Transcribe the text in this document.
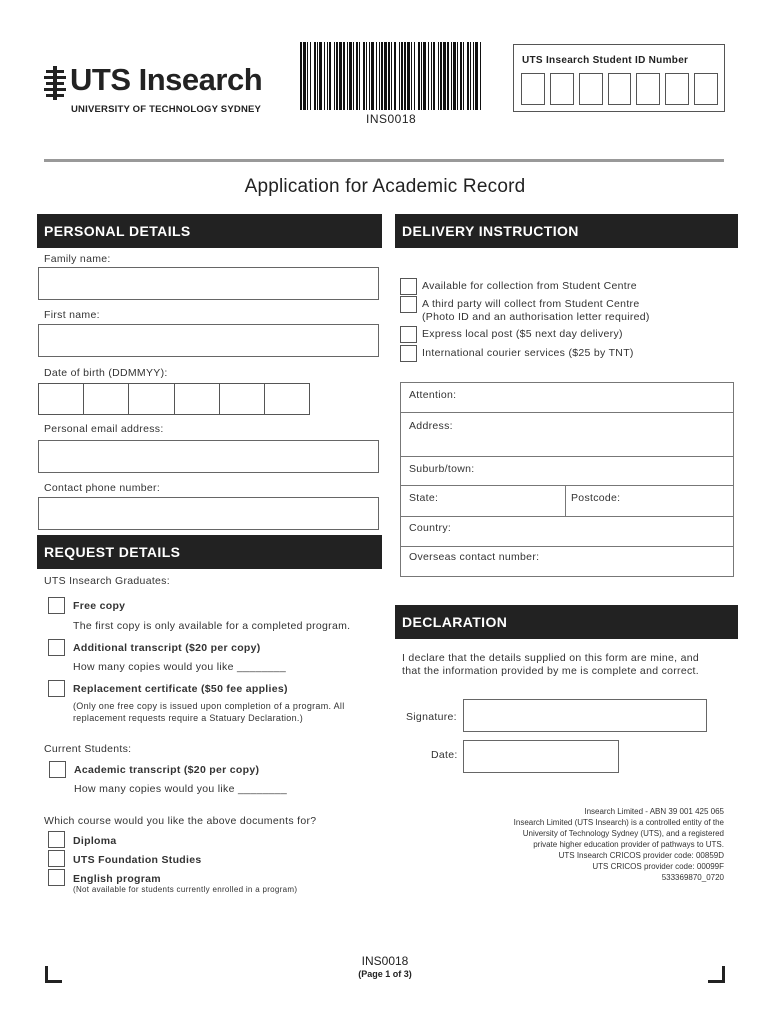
UTS Insearch
UNIVERSITY OF TECHNOLOGY SYDNEY
INS0018
UTS Insearch Student ID Number
Application for Academic Record
PERSONAL DETAILS
Family name:
First name:
Date of birth (DDMMYY):
Personal email address:
Contact phone number:
REQUEST DETAILS
UTS Insearch Graduates:
Free copy
The first copy is only available for a completed program.
Additional transcript ($20 per copy)
How many copies would you like ________
Replacement certificate ($50 fee applies)
(Only one free copy is issued upon completion of a program. All
replacement requests require a Statuary Declaration.)
Current Students:
Academic transcript ($20 per copy)
How many copies would you like ________
Which course would you like the above documents for?
Diploma
UTS Foundation Studies
English program
(Not available for students currently enrolled in a program)
DELIVERY INSTRUCTION
Available for collection from Student Centre
A third party will collect from Student Centre
(Photo ID and an authorisation letter required)
Express local post ($5 next day delivery)
International courier services ($25 by TNT)
Attention:
Address:
Suburb/town:
State:	Postcode:
Country:
Overseas contact number:
DECLARATION
I declare that the details supplied on this form are mine, and
that the information provided by me is complete and correct.
Signature:
Date:
Insearch Limited - ABN 39 001 425 065
Insearch Limited (UTS Insearch) is a controlled entity of the
University of Technology Sydney (UTS), and a registered
private higher education provider of pathways to UTS.
UTS Insearch CRICOS provider code: 00859D
UTS CRICOS provider code: 00099F
533369870_0720
INS0018
(Page 1 of 3)
